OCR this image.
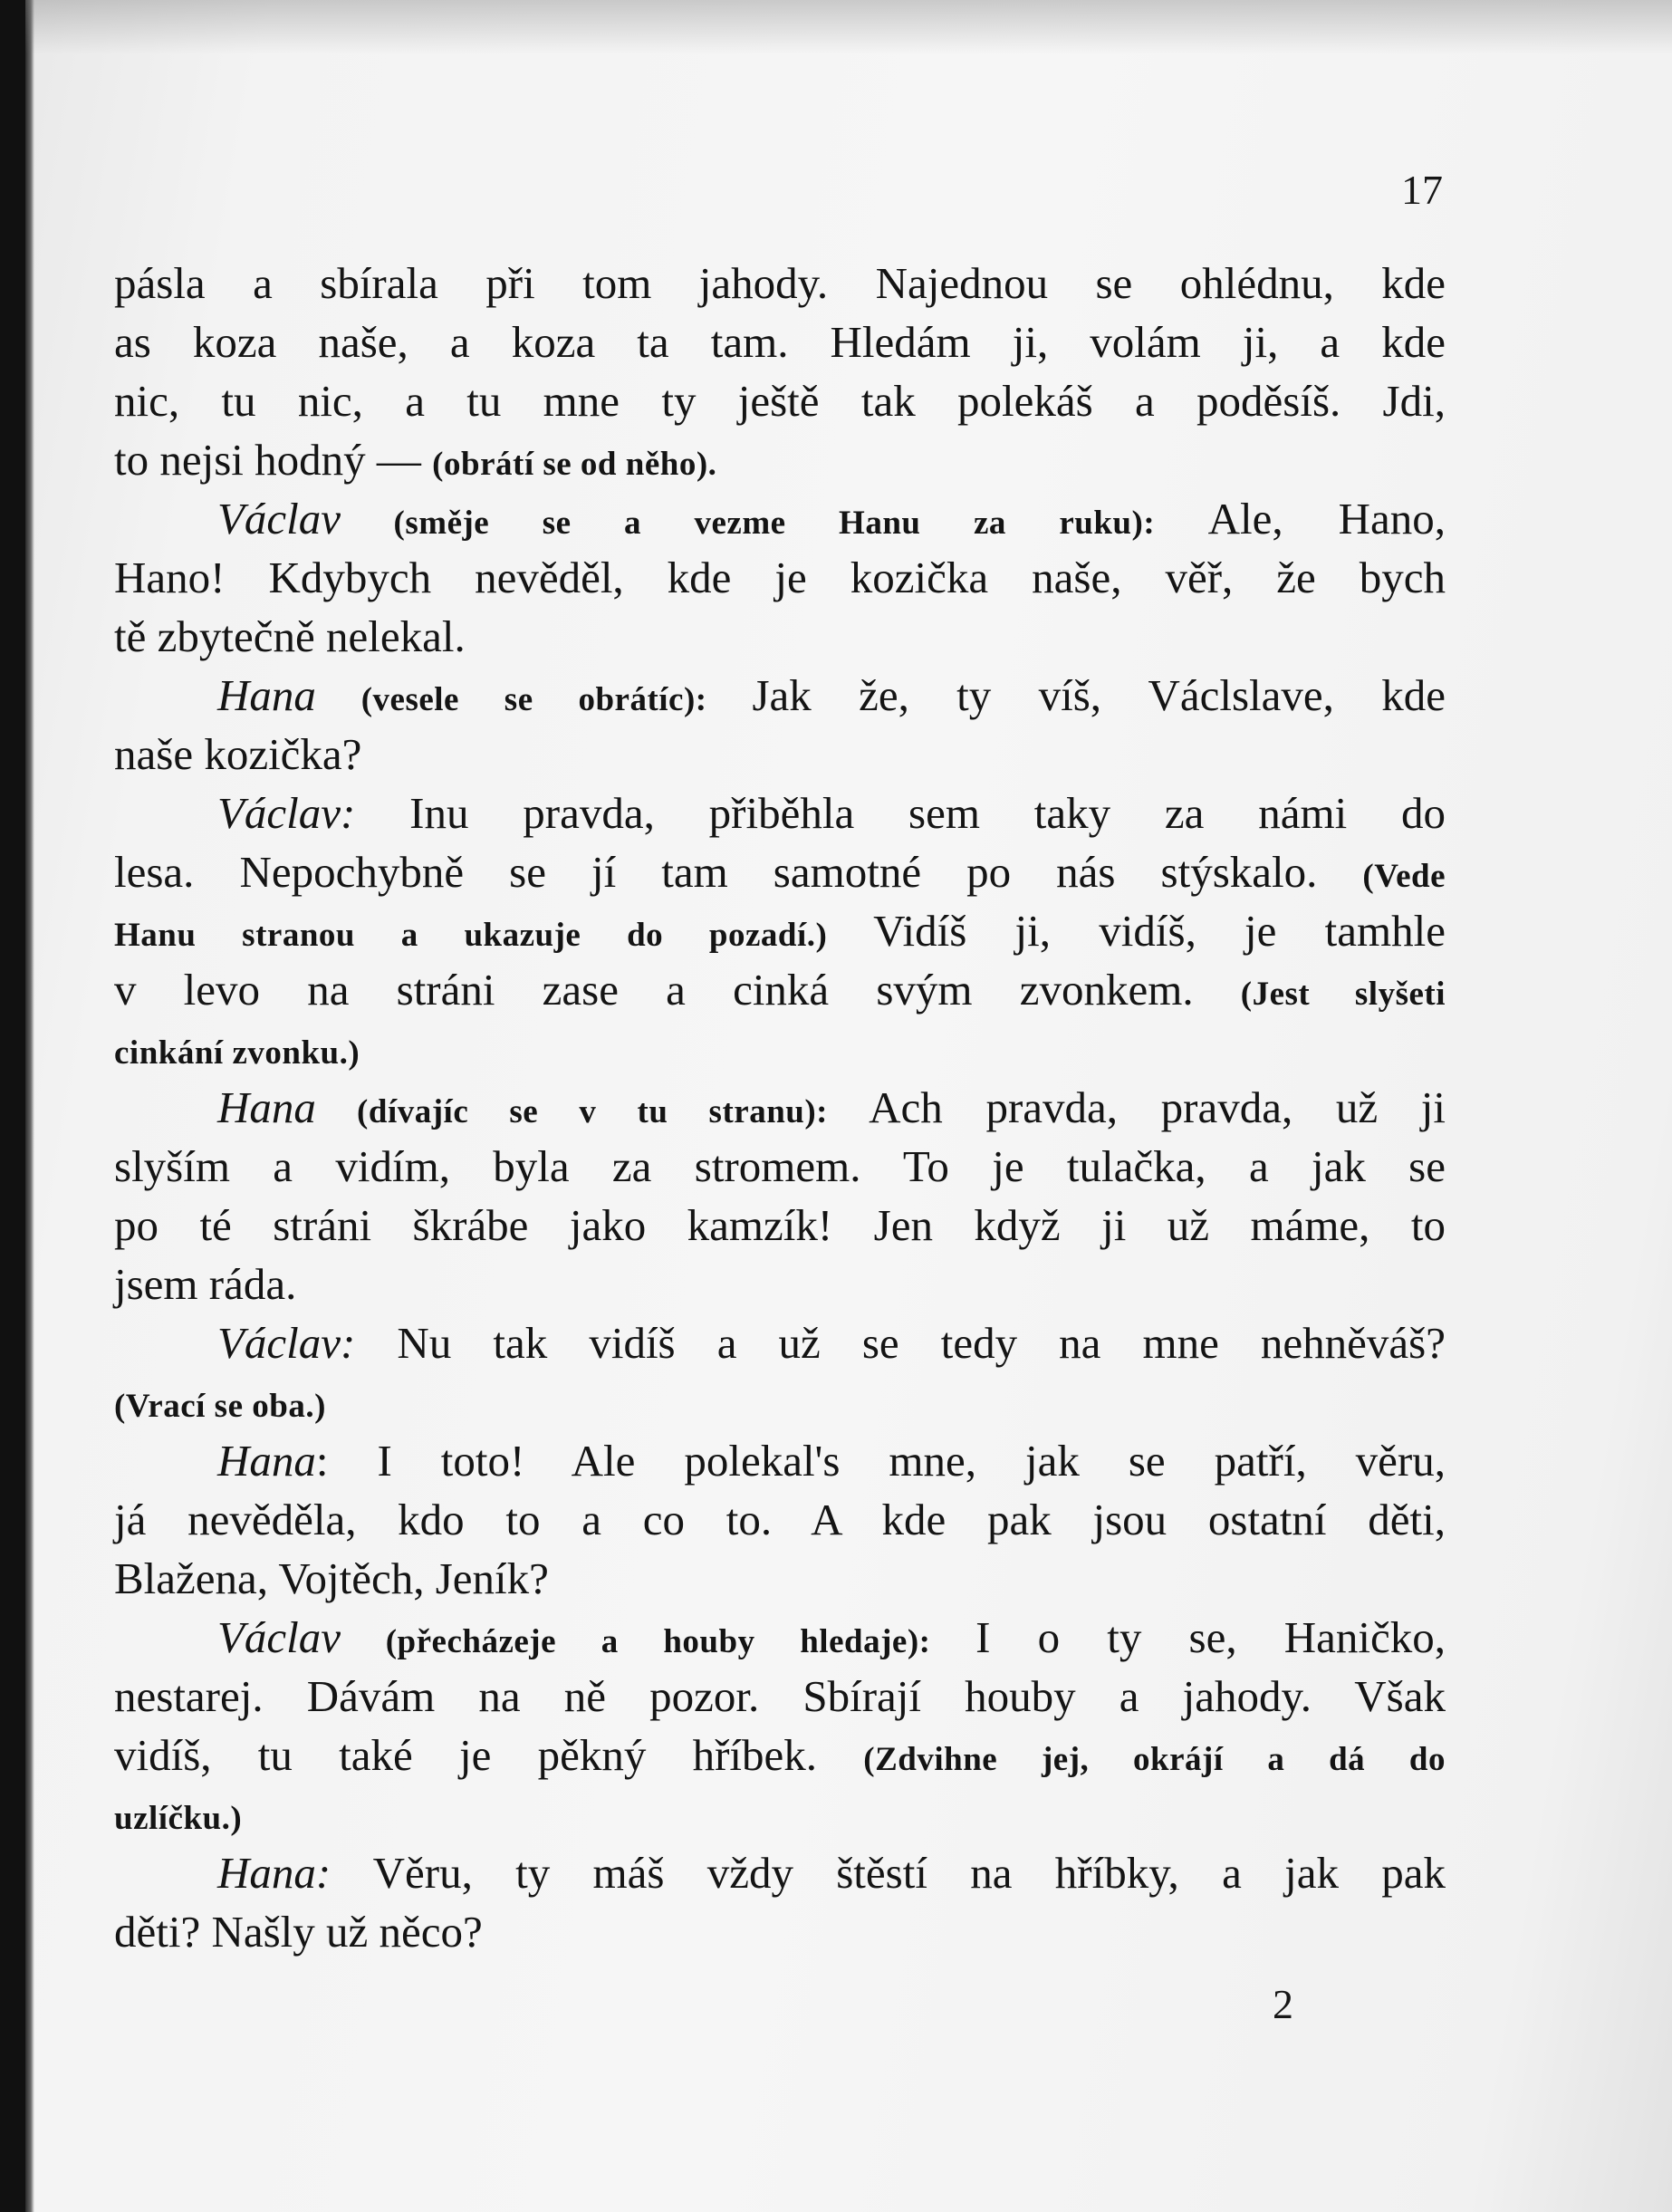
17
pásla a sbírala při tom jahody. Najednou se ohlédnu, kde
as koza naše, a koza ta tam. Hledám ji, volám ji, a kde
nic, tu nic, a tu mne ty ještě tak polekáš a poděsíš. Jdi,
to nejsi hodný — (obrátí se od něho).
Václav (směje se a vezme Hanu za ruku): Ale, Hano,
Hano! Kdybych nevěděl, kde je kozička naše, věř, že bych
tě zbytečně nelekal.
Hana (vesele se obrátíc): Jak že, ty víš, Václslave, kde
naše kozička?
Václav: Inu pravda, přiběhla sem taky za námi do
lesa. Nepochybně se jí tam samotné po nás stýskalo. (Vede
Hanu stranou a ukazuje do pozadí.) Vidíš ji, vidíš, je tamhle
v levo na stráni zase a cinká svým zvonkem. (Jest slyšeti
cinkání zvonku.)
Hana (dívajíc se v tu stranu): Ach pravda, pravda, už ji
slyším a vidím, byla za stromem. To je tulačka, a jak se
po té stráni škrábe jako kamzík! Jen když ji už máme, to
jsem ráda.
Václav: Nu tak vidíš a už se tedy na mne nehněváš?
(Vrací se oba.)
Hana: I toto! Ale polekal's mne, jak se patří, věru,
já nevěděla, kdo to a co to. A kde pak jsou ostatní děti,
Blažena, Vojtěch, Jeník?
Václav (přecházeje a houby hledaje): I o ty se, Haničko,
nestarej. Dávám na ně pozor. Sbírají houby a jahody. Však
vidíš, tu také je pěkný hříbek. (Zdvihne jej, okrájí a dá do
uzlíčku.)
Hana: Věru, ty máš vždy štěstí na hříbky, a jak pak
děti? Našly už něco?
2
